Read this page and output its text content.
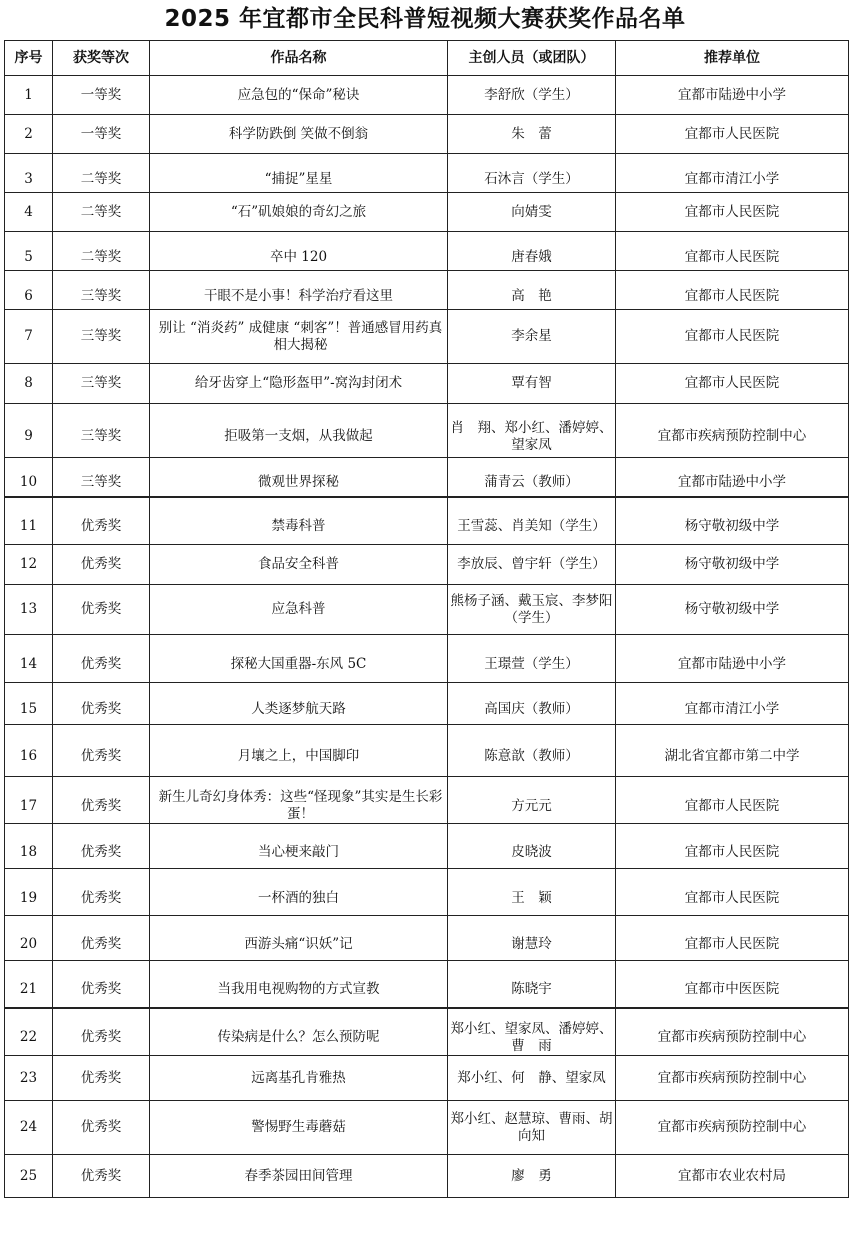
2025 年宜都市全民科普短视频大赛获奖作品名单
序号	获奖等次	作品名称	主创人员（或团队）	推荐单位
1	一等奖	应急包的“保命”秘诀	李舒欣（学生）	宜都市陆逊中小学
2	一等奖	科学防跌倒 笑做不倒翁	朱　蕾	宜都市人民医院
3	二等奖	“捕捉”星星	石沐言（学生）	宜都市清江小学
4	二等奖	“石”矶娘娘的奇幻之旅	向婧雯	宜都市人民医院
5	二等奖	卒中 120	唐春娥	宜都市人民医院
6	三等奖	干眼不是小事！科学治疗看这里	高　艳	宜都市人民医院
7	三等奖	别让 “消炎药” 成健康 “刺客”！普通感冒用药真相大揭秘	李余星	宜都市人民医院
8	三等奖	给牙齿穿上“隐形盔甲”-窝沟封闭术	覃有智	宜都市人民医院
9	三等奖	拒吸第一支烟，从我做起	肖　翔、郑小红、潘婷婷、望家凤	宜都市疾病预防控制中心
10	三等奖	微观世界探秘	蒲青云（教师）	宜都市陆逊中小学
11	优秀奖	禁毒科普	王雪蕊、肖美知（学生）	杨守敬初级中学
12	优秀奖	食品安全科普	李放辰、曾宇轩（学生）	杨守敬初级中学
13	优秀奖	应急科普	熊杨子涵、戴玉宸、李梦阳（学生）	杨守敬初级中学
14	优秀奖	探秘大国重器-东风 5C	王璟萱（学生）	宜都市陆逊中小学
15	优秀奖	人类逐梦航天路	高国庆（教师）	宜都市清江小学
16	优秀奖	月壤之上，中国脚印	陈意歆（教师）	湖北省宜都市第二中学
17	优秀奖	新生儿奇幻身体秀：这些“怪现象”其实是生长彩蛋！	方元元	宜都市人民医院
18	优秀奖	当心梗来敲门	皮晓波	宜都市人民医院
19	优秀奖	一杯酒的独白	王　颖	宜都市人民医院
20	优秀奖	西游头痛“识妖”记	谢慧玲	宜都市人民医院
21	优秀奖	当我用电视购物的方式宣教	陈晓宇	宜都市中医医院
22	优秀奖	传染病是什么？怎么预防呢	郑小红、望家凤、潘婷婷、曹　雨	宜都市疾病预防控制中心
23	优秀奖	远离基孔肯雅热	郑小红、何　静、望家凤	宜都市疾病预防控制中心
24	优秀奖	警惕野生毒蘑菇	郑小红、赵慧琼、曹雨、胡向知	宜都市疾病预防控制中心
25	优秀奖	春季茶园田间管理	廖　勇	宜都市农业农村局
